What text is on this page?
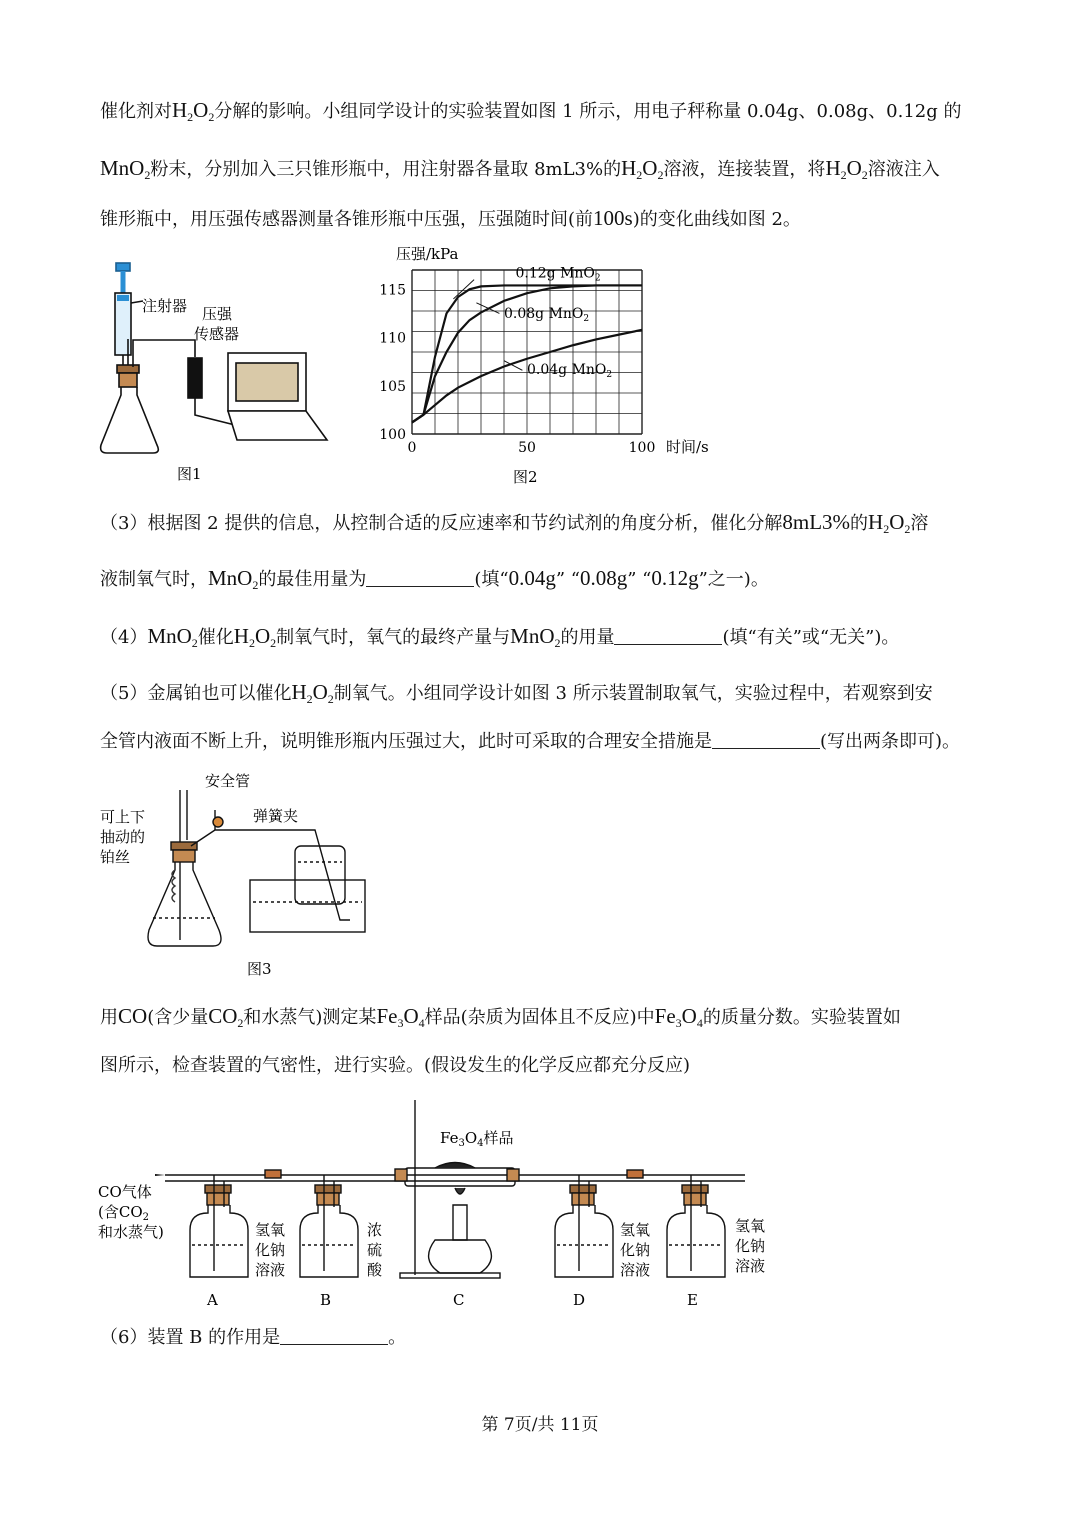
催化剂对$H_2O_2$分解的影响。小组同学设计的实验装置如图 1 所示，用电子秤称量 0.04g、0.08g、0.12g 的
MnO$_2$粉末，分别加入三只锥形瓶中，用注射器各量取 8mL3%的$H_2O_2$溶液，连接装置，将$H_2O_2$溶液注入
锥形瓶中，用压强传感器测量各锥形瓶中压强，压强随时间(前100s)的变化曲线如图 2。
注射器 压强
传感器
图1
压强/kPa
时间/s
0	50	100
100
105
110
115
0.12g MnO$_2$
0.08g MnO$_2$
0.04g MnO$_2$
图2
（3）根据图 2 提供的信息，从控制合适的反应速率和节约试剂的角度分析，催化分解8mL3%的$H_2O_2$溶
液制氧气时，MnO$_2$的最佳用量为	(填“0.04g” “0.08g” “0.12g”之一)。
（4）MnO$_2$催化$H_2O_2$制氧气时，氧气的最终产量与MnO$_2$的用量	(填“有关”或“无关”)。
（5）金属铂也可以催化$H_2O_2$制氧气。小组同学设计如图 3 所示装置制取氧气，实验过程中，若观察到安
全管内液面不断上升，说明锥形瓶内压强过大，此时可采取的合理安全措施是	(写出两条即可)。
安全管
弹簧夹
可上下
抽动的
铂丝
图3
用CO(含少量$CO_2$和水蒸气)测定某$Fe_3O_4$样品(杂质为固体且不反应)中$Fe_3O_4$的质量分数。实验装置如
图所示，检查装置的气密性，进行实验。(假设发生的化学反应都充分反应)
$Fe_3O_4$样品
CO气体
(含$CO_2$
和水蒸气)	氢氧
化钠
溶液
浓
硫
酸
氢氧
化钠
溶液
氢氧
化钠
溶液
A	B	C	D	E
（6）装置 B 的作用是	。
第 7页/共 11页
